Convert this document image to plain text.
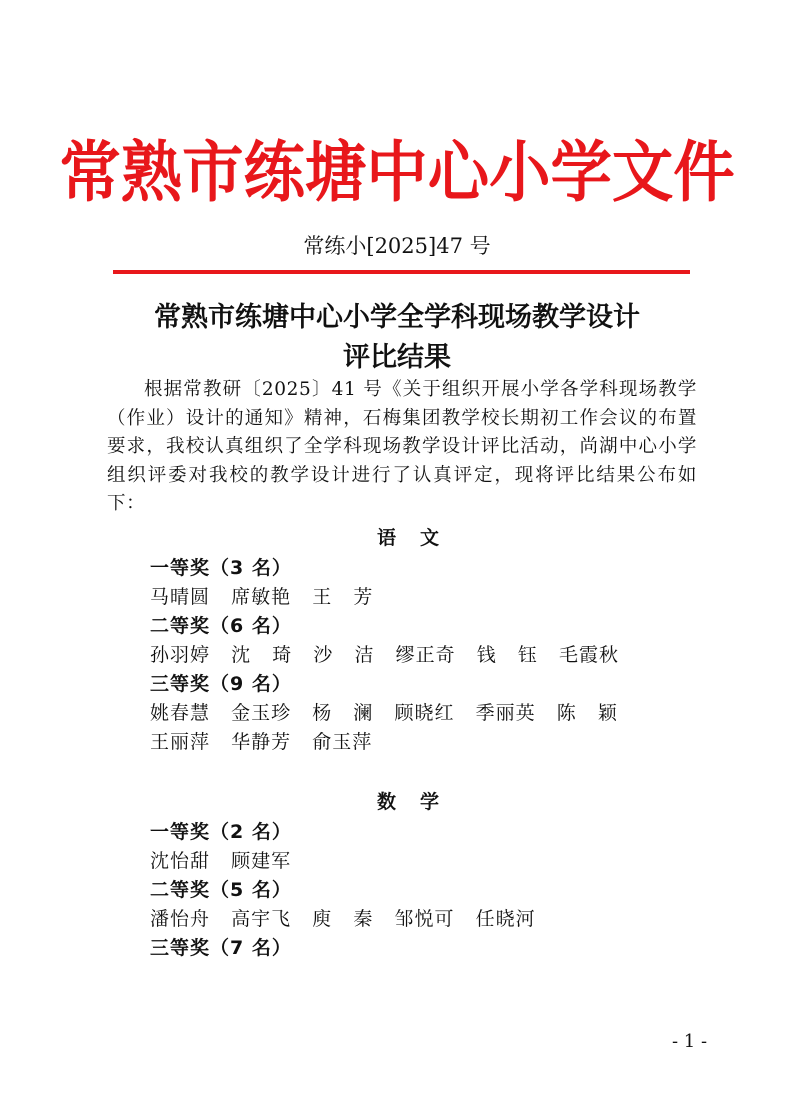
常熟市练塘中心小学文件
常练小[2025]47 号
常熟市练塘中心小学全学科现场教学设计
评比结果
根据常教研〔2025〕41 号《关于组织开展小学各学科现场教学（作业）设计的通知》精神，石梅集团教学校长期初工作会议的布置要求，我校认真组织了全学科现场教学设计评比活动，尚湖中心小学组织评委对我校的教学设计进行了认真评定，现将评比结果公布如下：
语文
一等奖（3 名）
马晴圆   席敏艳   王   芳
二等奖（6 名）
孙羽婷   沈   琦   沙   洁   缪正奇   钱   钰   毛霞秋
三等奖（9 名）
姚春慧   金玉珍   杨   澜   顾晓红   季丽英   陈   颖
王丽萍   华静芳   俞玉萍
数学
一等奖（2 名）
沈怡甜   顾建军
二等奖（5 名）
潘怡舟   高宇飞   庾   秦   邹悦可   任晓河
三等奖（7 名）
- 1 -
